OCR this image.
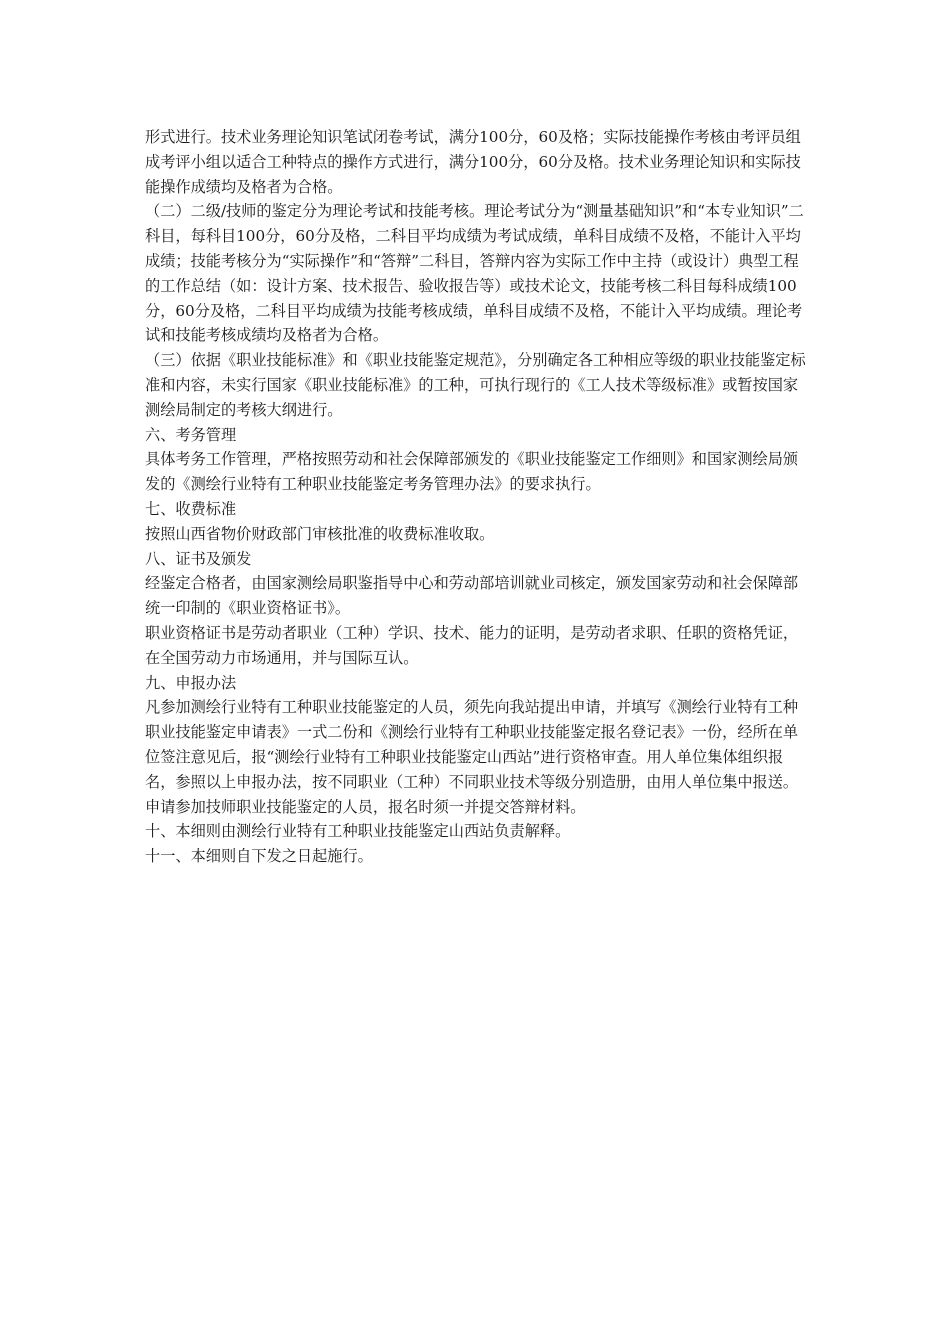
形式进行。技术业务理论知识笔试闭卷考试，满分100分，60及格；实际技能操作考核由考评员组成考评小组以适合工种特点的操作方式进行，满分100分，60分及格。技术业务理论知识和实际技能操作成绩均及格者为合格。

（二）二级/技师的鉴定分为理论考试和技能考核。理论考试分为“测量基础知识”和“本专业知识”二科目，每科目100分，60分及格，二科目平均成绩为考试成绩，单科目成绩不及格，不能计入平均成绩；技能考核分为“实际操作”和“答辩”二科目，答辩内容为实际工作中主持（或设计）典型工程的工作总结（如：设计方案、技术报告、验收报告等）或技术论文，技能考核二科目每科成绩100分，60分及格，二科目平均成绩为技能考核成绩，单科目成绩不及格，不能计入平均成绩。理论考试和技能考核成绩均及格者为合格。

（三）依据《职业技能标准》和《职业技能鉴定规范》，分别确定各工种相应等级的职业技能鉴定标准和内容，未实行国家《职业技能标准》的工种，可执行现行的《工人技术等级标准》或暂按国家测绘局制定的考核大纲进行。

六、考务管理

具体考务工作管理，严格按照劳动和社会保障部颁发的《职业技能鉴定工作细则》和国家测绘局颁发的《测绘行业特有工种职业技能鉴定考务管理办法》的要求执行。

七、收费标准

按照山西省物价财政部门审核批准的收费标准收取。

八、证书及颁发

经鉴定合格者，由国家测绘局职鉴指导中心和劳动部培训就业司核定，颁发国家劳动和社会保障部统一印制的《职业资格证书》。

职业资格证书是劳动者职业（工种）学识、技术、能力的证明，是劳动者求职、任职的资格凭证，在全国劳动力市场通用，并与国际互认。

九、申报办法

凡参加测绘行业特有工种职业技能鉴定的人员，须先向我站提出申请，并填写《测绘行业特有工种职业技能鉴定申请表》一式二份和《测绘行业特有工种职业技能鉴定报名登记表》一份，经所在单位签注意见后，报“测绘行业特有工种职业技能鉴定山西站”进行资格审查。用人单位集体组织报名，参照以上申报办法，按不同职业（工种）不同职业技术等级分别造册，由用人单位集中报送。申请参加技师职业技能鉴定的人员，报名时须一并提交答辩材料。

十、本细则由测绘行业特有工种职业技能鉴定山西站负责解释。

十一、本细则自下发之日起施行。
